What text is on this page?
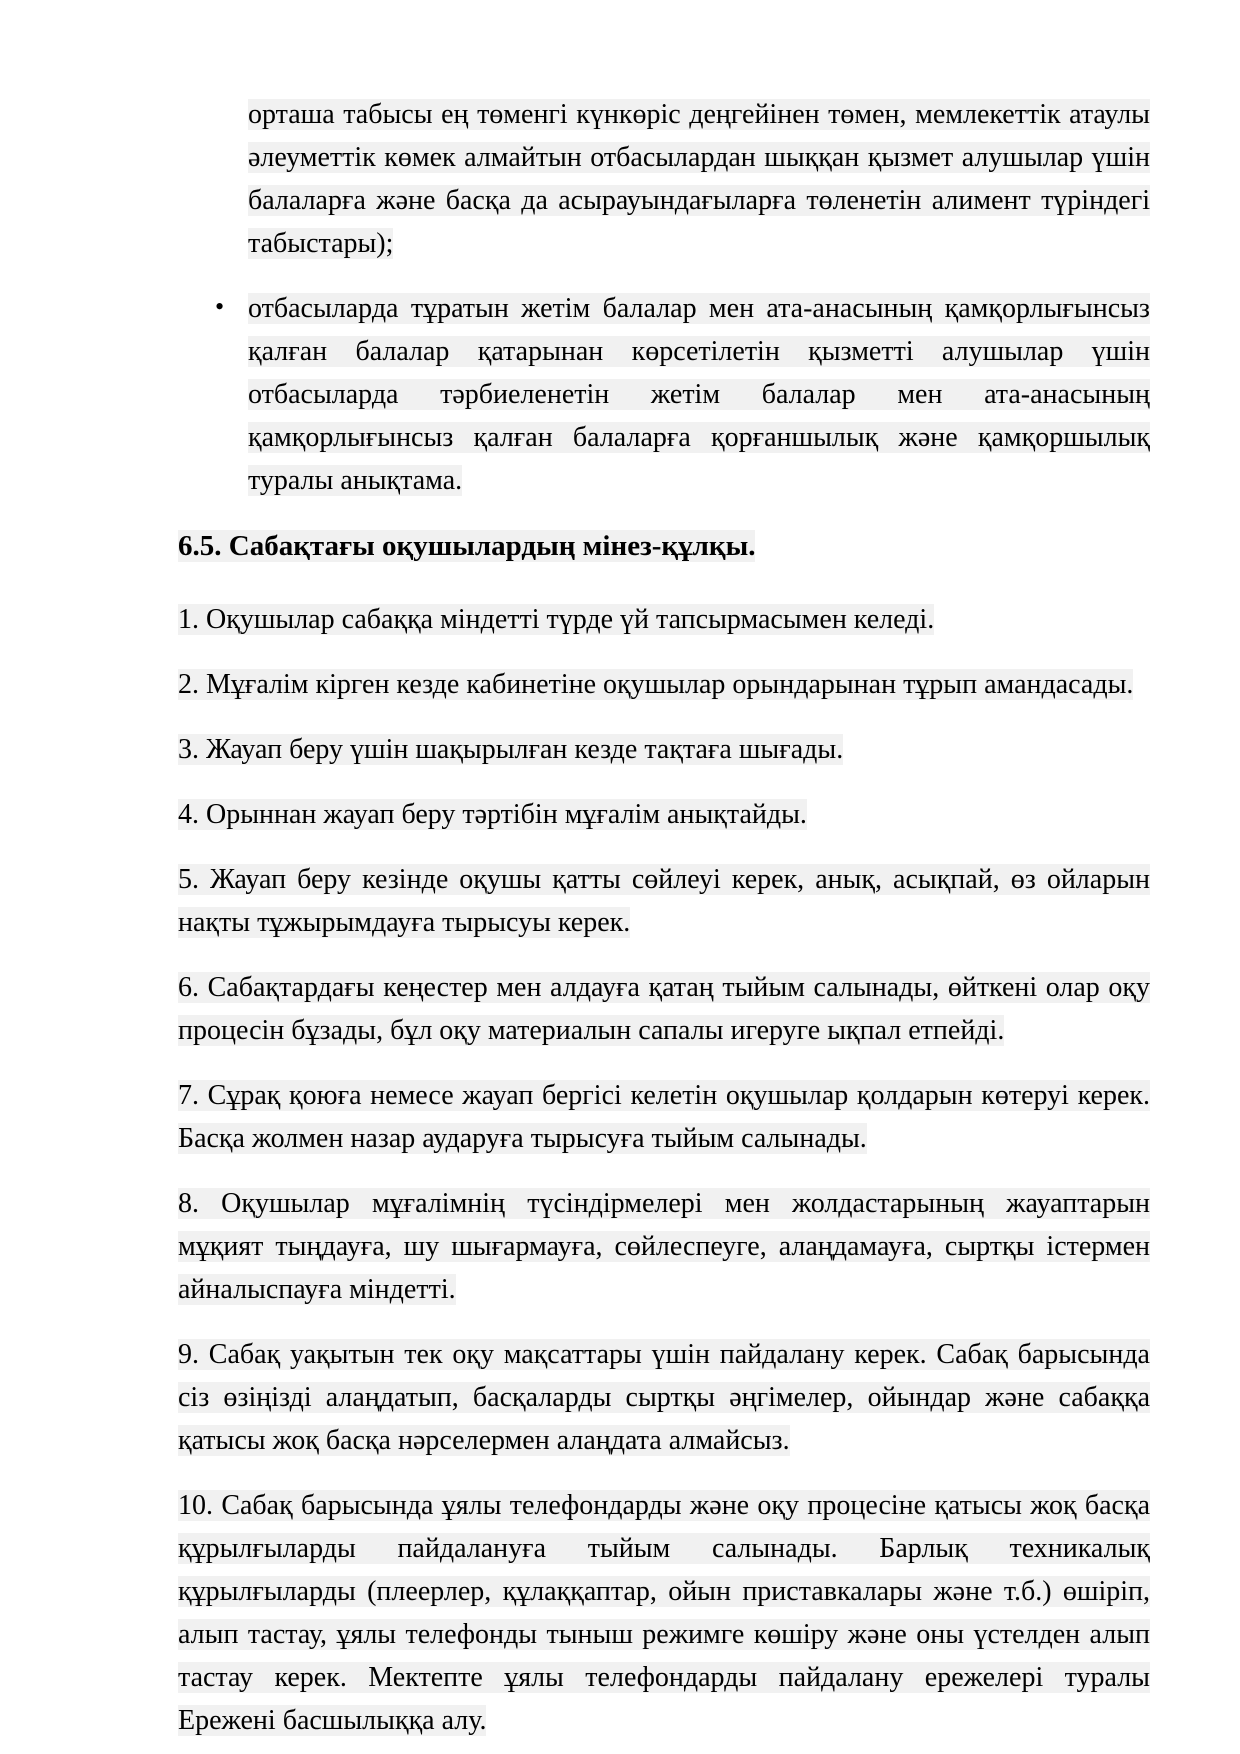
орташа табысы ең төменгі күнкөріс деңгейінен төмен, мемлекеттік атаулы әлеуметтік көмек алмайтын отбасылардан шыққан қызмет алушылар үшін балаларға және басқа да асырауындағыларға төленетін алимент түріндегі табыстары);

• отбасыларда тұратын жетім балалар мен ата-анасының қамқорлығынсыз қалған балалар қатарынан көрсетілетін қызметті алушылар үшін отбасыларда тәрбиеленетін жетім балалар мен ата-анасының қамқорлығынсыз қалған балаларға қорғаншылық және қамқоршылық туралы анықтама.

6.5. Сабақтағы оқушылардың мінез-құлқы.

1. Оқушылар сабаққа міндетті түрде үй тапсырмасымен келеді.

2. Мұғалім кірген кезде кабинетіне оқушылар орындарынан тұрып амандасады.

3. Жауап беру үшін шақырылған кезде тақтаға шығады.

4. Орыннан жауап беру тәртібін мұғалім анықтайды.

5. Жауап беру кезінде оқушы қатты сөйлеуі керек, анық, асықпай, өз ойларын нақты тұжырымдауға тырысуы керек.

6. Сабақтардағы кеңестер мен алдауға қатаң тыйым салынады, өйткені олар оқу процесін бұзады, бұл оқу материалын сапалы игеруге ықпал етпейді.

7. Сұрақ қоюға немесе жауап бергісі келетін оқушылар қолдарын көтеруі керек. Басқа жолмен назар аударуға тырысуға тыйым салынады.

8. Оқушылар мұғалімнің түсіндірмелері мен жолдастарының жауаптарын мұқият тыңдауға, шу шығармауға, сөйлеспеуге, алаңдамауға, сыртқы істермен айналыспауға міндетті.

9. Сабақ уақытын тек оқу мақсаттары үшін пайдалану керек. Сабақ барысында сіз өзіңізді алаңдатып, басқаларды сыртқы әңгімелер, ойындар және сабаққа қатысы жоқ басқа нәрселермен алаңдата алмайсыз.

10. Сабақ барысында ұялы телефондарды және оқу процесіне қатысы жоқ басқа құрылғыларды пайдалануға тыйым салынады. Барлық техникалық құрылғыларды (плеерлер, құлаққаптар, ойын приставкалары және т.б.) өшіріп, алып тастау, ұялы телефонды тыныш режимге көшіру және оны үстелден алып тастау керек. Мектепте ұялы телефондарды пайдалану ережелері туралы Ережені басшылыққа алу.
